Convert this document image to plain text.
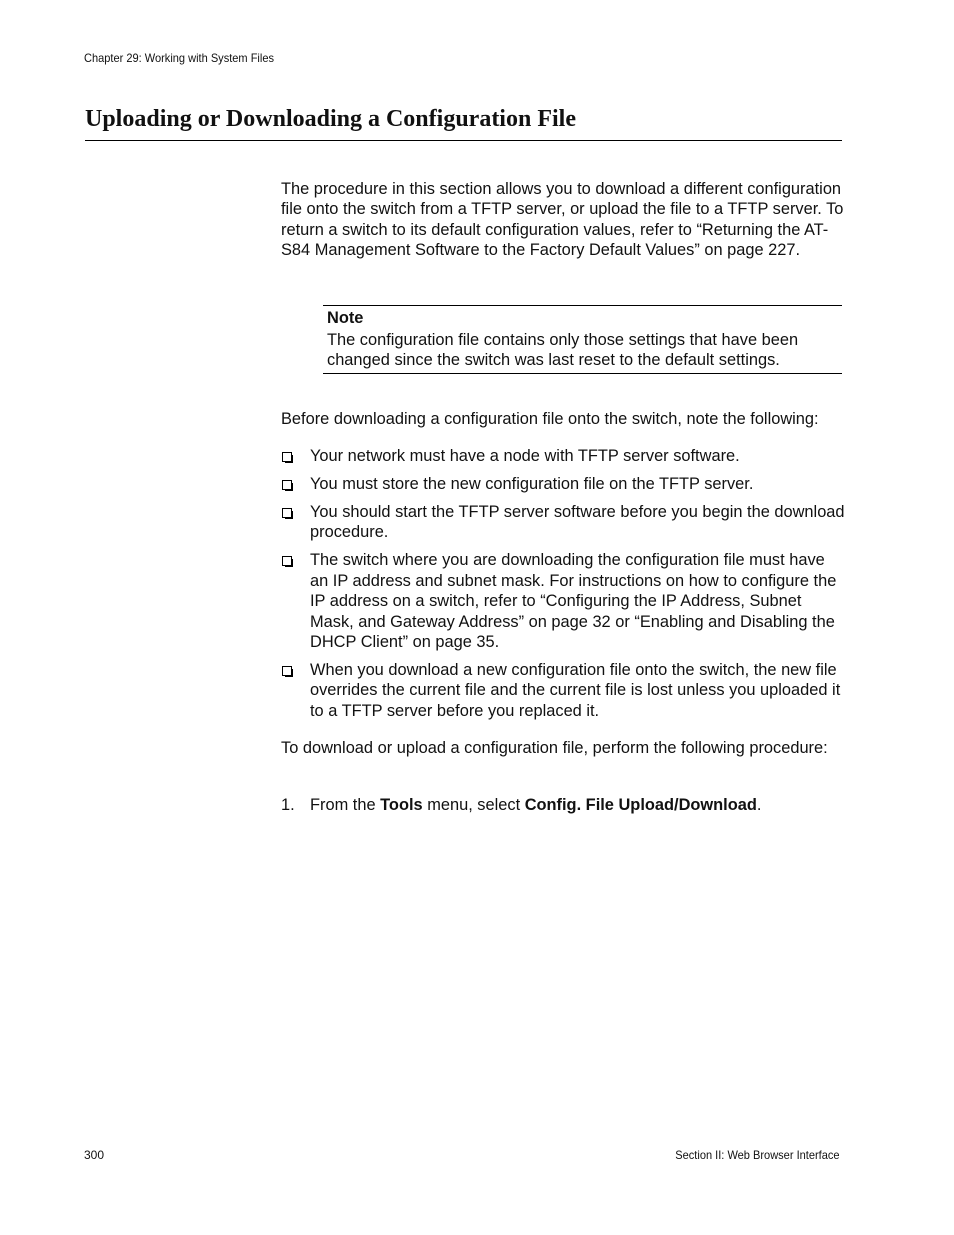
Chapter 29: Working with System Files
Uploading or Downloading a Configuration File

The procedure in this section allows you to download a different configuration file onto the switch from a TFTP server, or upload the file to a TFTP server. To return a switch to its default configuration values, refer to “Returning the AT-S84 Management Software to the Factory Default Values” on page 227.

Note
The configuration file contains only those settings that have been changed since the switch was last reset to the default settings.

Before downloading a configuration file onto the switch, note the following:

Your network must have a node with TFTP server software.
You must store the new configuration file on the TFTP server.
You should start the TFTP server software before you begin the download procedure.
The switch where you are downloading the configuration file must have an IP address and subnet mask. For instructions on how to configure the IP address on a switch, refer to “Configuring the IP Address, Subnet Mask, and Gateway Address” on page 32 or “Enabling and Disabling the DHCP Client” on page 35.
When you download a new configuration file onto the switch, the new file overrides the current file and the current file is lost unless you uploaded it to a TFTP server before you replaced it.

To download or upload a configuration file, perform the following procedure:

1. From the Tools menu, select Config. File Upload/Download.
300	Section II: Web Browser Interface
